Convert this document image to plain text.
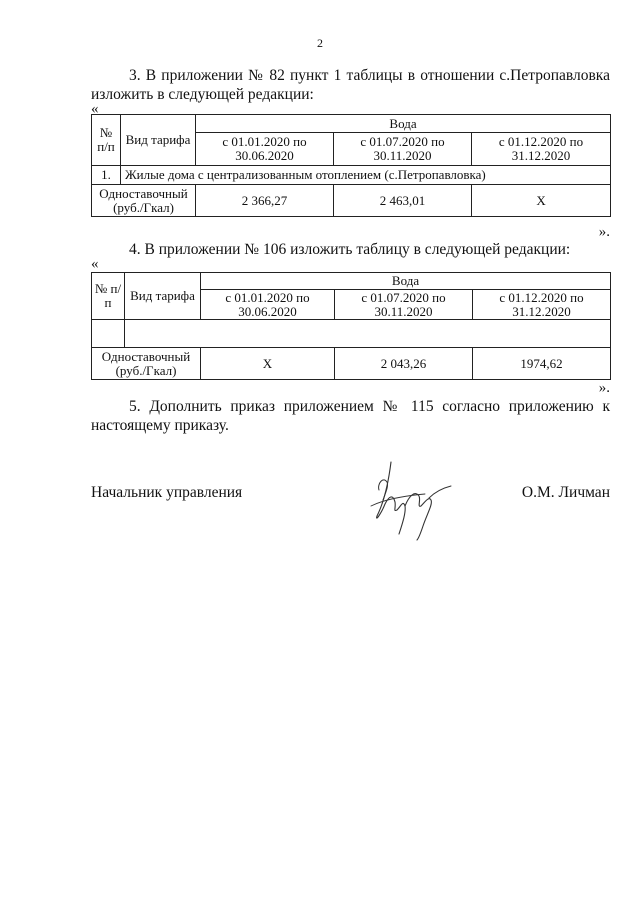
2
3. В приложении № 82 пункт 1 таблицы в отношении с.Петропавловка изложить в следующей редакции:
«
№ п/п	Вид тарифа	Вода		
		с 01.01.2020 по 30.06.2020	с 01.07.2020 по 30.11.2020	с 01.12.2020 по 31.12.2020
1.	Жилые дома с централизованным отоплением (с.Петропавловка)			
Одноставочный (руб./Гкал)		2 366,27	2 463,01	Х
».
4. В приложении № 106 изложить таблицу в следующей редакции:
«
№ п/п	Вид тарифа	Вода		
		с 01.01.2020 по 30.06.2020	с 01.07.2020 по 30.11.2020	с 01.12.2020 по 31.12.2020

Одноставочный (руб./Гкал)		Х	2 043,26	1974,62
».
5. Дополнить приказ приложением № 115 согласно приложению к настоящему приказу.
Начальник управления	О.М. Личман
